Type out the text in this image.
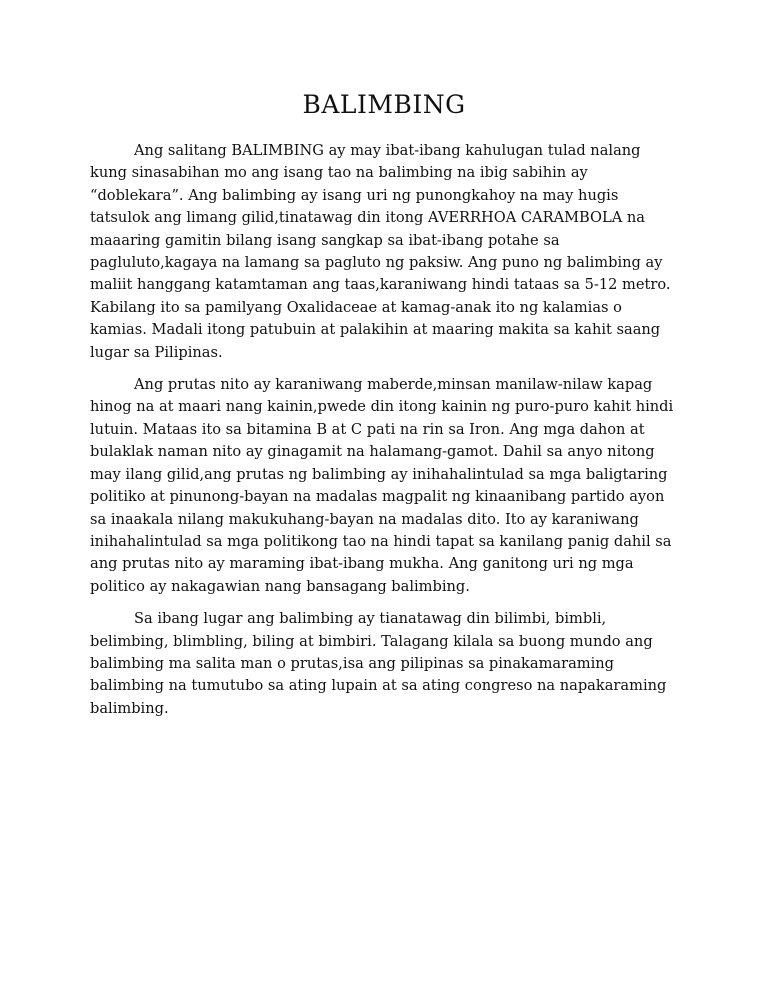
BALIMBING

Ang salitang BALIMBING ay may ibat-ibang kahulugan tulad nalang kung sinasabihan mo ang isang tao na balimbing na ibig sabihin ay “doblekara”. Ang balimbing ay isang uri ng punongkahoy na may hugis tatsulok ang limang gilid,tinatawag din itong AVERRHOA CARAMBOLA na maaaring gamitin bilang isang sangkap sa ibat-ibang potahe sa pagluluto,kagaya na lamang sa pagluto ng paksiw. Ang puno ng balimbing ay maliit hanggang katamtaman ang taas,karaniwang hindi tataas sa 5-12 metro. Kabilang ito sa pamilyang Oxalidaceae at kamag-anak ito ng kalamias o kamias. Madali itong patubuin at palakihin at maaring makita sa kahit saang lugar sa Pilipinas.

Ang prutas nito ay karaniwang maberde,minsan manilaw-nilaw kapag hinog na at maari nang kainin,pwede din itong kainin ng puro-puro kahit hindi lutuin. Mataas ito sa bitamina B at C pati na rin sa Iron. Ang mga dahon at bulaklak naman nito ay ginagamit na halamang-gamot. Dahil sa anyo nitong may ilang gilid,ang prutas ng balimbing ay inihahalintulad sa mga baligtaring politiko at pinunong-bayan na madalas magpalit ng kinaanibang partido ayon sa inaakala nilang makukuhang-bayan na madalas dito. Ito ay karaniwang inihahalintulad sa mga politikong tao na hindi tapat sa kanilang panig dahil sa ang prutas nito ay maraming ibat-ibang mukha. Ang ganitong uri ng mga politico ay nakagawian nang bansagang balimbing.

Sa ibang lugar ang balimbing ay tianatawag din bilimbi, bimbli, belimbing, blimbling, biling at bimbiri. Talagang kilala sa buong mundo ang balimbing ma salita man o prutas,isa ang pilipinas sa pinakamaraming balimbing na tumutubo sa ating lupain at sa ating congreso na napakaraming balimbing.
